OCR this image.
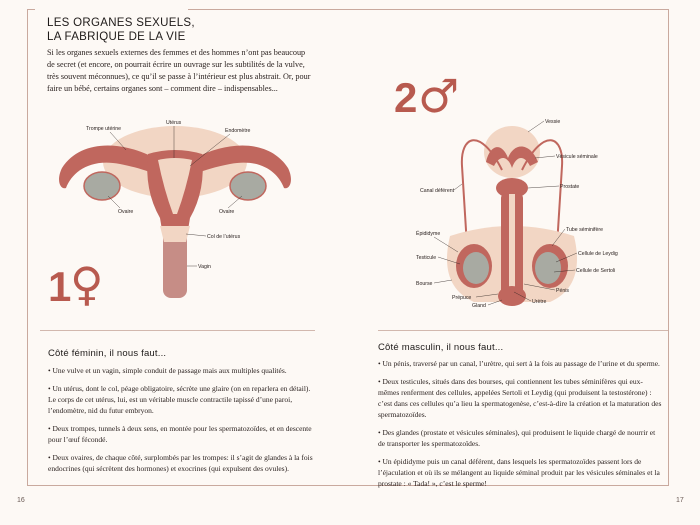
LES ORGANES SEXUELS,
LA FABRIQUE DE LA VIE
Si les organes sexuels externes des femmes et des hommes n’ont pas beaucoup de secret (et encore, on pourrait écrire un ouvrage sur les subtilités de la vulve, très souvent méconnues), ce qu’il se passe à l’intérieur est plus abstrait. Or, pour faire un bébé, certains organes sont – comment dire – indispensables...
1
♀
Utérus
Trompe utérine	Endomètre
Ovaire	Ovaire
Col de l’utérus
Vagin
2 ♂	Vessie
Vésicule séminale
Canal déférent
Prostate
Épididyme
Tube séminifère
Cellule de Leydig
Cellule de Sertoli
Testicule
Bourse
Pénis
Prépuce
Gland
Urètre
Côté féminin, il nous faut...
• Une vulve et un vagin, simple conduit de passage mais aux multiples qualités.
• Un utérus, dont le col, péage obligatoire, sécrète une glaire (on en reparlera en détail). Le corps de cet utérus, lui, est un véritable muscle contractile tapissé d’une paroi, l’endomètre, nid du futur embryon.
• Deux trompes, tunnels à deux sens, en montée pour les spermatozoïdes, et en descente pour l’œuf fécondé.
• Deux ovaires, de chaque côté, surplombés par les trompes: il s’agit de glandes à la fois endocrines (qui sécrètent des hormones) et exocrines (qui expulsent des ovules).
Côté masculin, il nous faut...
• Un pénis, traversé par un canal, l’urètre, qui sert à la fois au passage de l’urine et du sperme.
• Deux testicules, situés dans des bourses, qui contiennent les tubes séminifères qui eux-mêmes renferment des cellules, appelées Sertoli et Leydig (qui produisent la testostérone) : c’est dans ces cellules qu’a lieu la spermatogenèse, c’est-à-dire la création et la maturation des spermatozoïdes.
• Des glandes (prostate et vésicules séminales), qui produisent le liquide chargé de nourrir et de transporter les spermatozoïdes.
• Un épididyme puis un canal déférent, dans lesquels les spermatozoïdes passent lors de l’éjaculation et où ils se mélangent au liquide séminal produit par les vésicules séminales et la prostate : « Tada! », c’est le sperme!
16	17
